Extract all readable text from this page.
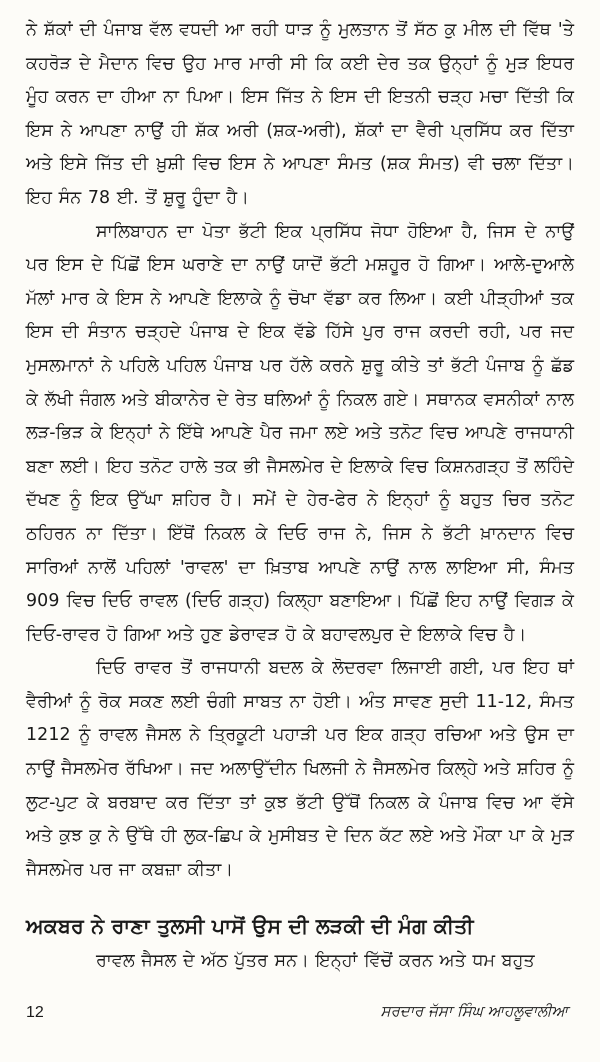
ਨੇ ਸ਼ੱਕਾਂ ਦੀ ਪੰਜਾਬ ਵੱਲ ਵਧਦੀ ਆ ਰਹੀ ਧਾੜ ਨੂੰ ਮੁਲਤਾਨ ਤੋਂ ਸੱਠ ਕੁ ਮੀਲ ਦੀ ਵਿੱਥ 'ਤੇ ਕਹਰੋੜ ਦੇ ਮੈਦਾਨ ਵਿਚ ਉਹ ਮਾਰ ਮਾਰੀ ਸੀ ਕਿ ਕਈ ਦੇਰ ਤਕ ਉਨ੍ਹਾਂ ਨੂੰ ਮੁੜ ਇਧਰ ਮੂੰਹ ਕਰਨ ਦਾ ਹੀਆ ਨਾ ਪਿਆ। ਇਸ ਜਿੱਤ ਨੇ ਇਸ ਦੀ ਇਤਨੀ ਚੜ੍ਹ ਮਚਾ ਦਿੱਤੀ ਕਿ ਇਸ ਨੇ ਆਪਣਾ ਨਾਉਂ ਹੀ ਸ਼ੱਕ ਅਰੀ (ਸ਼ਕ-ਅਰੀ), ਸ਼ੱਕਾਂ ਦਾ ਵੈਰੀ ਪ੍ਰਸਿੱਧ ਕਰ ਦਿੱਤਾ ਅਤੇ ਇਸੇ ਜਿੱਤ ਦੀ ਖ਼ੁਸ਼ੀ ਵਿਚ ਇਸ ਨੇ ਆਪਣਾ ਸੰਮਤ (ਸ਼ਕ ਸੰਮਤ) ਵੀ ਚਲਾ ਦਿੱਤਾ। ਇਹ ਸੰਨ 78 ਈ. ਤੋਂ ਸ਼ੁਰੂ ਹੁੰਦਾ ਹੈ।

ਸਾਲਿਬਾਹਨ ਦਾ ਪੋਤਾ ਭੱਟੀ ਇਕ ਪ੍ਰਸਿੱਧ ਜੋਧਾ ਹੋਇਆ ਹੈ, ਜਿਸ ਦੇ ਨਾਉਂ ਪਰ ਇਸ ਦੇ ਪਿੱਛੋਂ ਇਸ ਘਰਾਣੇ ਦਾ ਨਾਉਂ ਯਾਦੋਂ ਭੱਟੀ ਮਸ਼ਹੂਰ ਹੋ ਗਿਆ। ਆਲੇ-ਦੁਆਲੇ ਮੱਲਾਂ ਮਾਰ ਕੇ ਇਸ ਨੇ ਆਪਣੇ ਇਲਾਕੇ ਨੂੰ ਚੋਖਾ ਵੱਡਾ ਕਰ ਲਿਆ। ਕਈ ਪੀੜ੍ਹੀਆਂ ਤਕ ਇਸ ਦੀ ਸੰਤਾਨ ਚੜ੍ਹਦੇ ਪੰਜਾਬ ਦੇ ਇਕ ਵੱਡੇ ਹਿੱਸੇ ਪੁਰ ਰਾਜ ਕਰਦੀ ਰਹੀ, ਪਰ ਜਦ ਮੁਸਲਮਾਨਾਂ ਨੇ ਪਹਿਲੇ ਪਹਿਲ ਪੰਜਾਬ ਪਰ ਹੱਲੇ ਕਰਨੇ ਸ਼ੁਰੂ ਕੀਤੇ ਤਾਂ ਭੱਟੀ ਪੰਜਾਬ ਨੂੰ ਛੱਡ ਕੇ ਲੱਖੀ ਜੰਗਲ ਅਤੇ ਬੀਕਾਨੇਰ ਦੇ ਰੇਤ ਥਲਿਆਂ ਨੂੰ ਨਿਕਲ ਗਏ। ਸਥਾਨਕ ਵਸਨੀਕਾਂ ਨਾਲ ਲੜ-ਭਿੜ ਕੇ ਇਨ੍ਹਾਂ ਨੇ ਇੱਥੇ ਆਪਣੇ ਪੈਰ ਜਮਾ ਲਏ ਅਤੇ ਤਨੋਟ ਵਿਚ ਆਪਣੇ ਰਾਜਧਾਨੀ ਬਣਾ ਲਈ। ਇਹ ਤਨੋਟ ਹਾਲੇ ਤਕ ਭੀ ਜੈਸਲਮੇਰ ਦੇ ਇਲਾਕੇ ਵਿਚ ਕਿਸ਼ਨਗੜ੍ਹ ਤੋਂ ਲਹਿੰਦੇ ਦੱਖਣ ਨੂੰ ਇਕ ਉੱਘਾ ਸ਼ਹਿਰ ਹੈ। ਸਮੇਂ ਦੇ ਹੇਰ-ਫੇਰ ਨੇ ਇਨ੍ਹਾਂ ਨੂੰ ਬਹੁਤ ਚਿਰ ਤਨੋਟ ਠਹਿਰਨ ਨਾ ਦਿੱਤਾ। ਇੱਥੋਂ ਨਿਕਲ ਕੇ ਦਿਓ ਰਾਜ ਨੇ, ਜਿਸ ਨੇ ਭੱਟੀ ਖ਼ਾਨਦਾਨ ਵਿਚ ਸਾਰਿਆਂ ਨਾਲੋਂ ਪਹਿਲਾਂ 'ਰਾਵਲ' ਦਾ ਖ਼ਿਤਾਬ ਆਪਣੇ ਨਾਉਂ ਨਾਲ ਲਾਇਆ ਸੀ, ਸੰਮਤ 909 ਵਿਚ ਦਿਓ ਰਾਵਲ (ਦਿਓ ਗੜ੍ਹ) ਕਿਲ੍ਹਾ ਬਣਾਇਆ। ਪਿੱਛੋਂ ਇਹ ਨਾਉਂ ਵਿਗੜ ਕੇ ਦਿਓ-ਰਾਵਰ ਹੋ ਗਿਆ ਅਤੇ ਹੁਣ ਡੇਰਾਵੜ ਹੋ ਕੇ ਬਹਾਵਲਪੁਰ ਦੇ ਇਲਾਕੇ ਵਿਚ ਹੈ।

ਦਿਓ ਰਾਵਰ ਤੋਂ ਰਾਜਧਾਨੀ ਬਦਲ ਕੇ ਲੋਦਰਵਾ ਲਿਜਾਈ ਗਈ, ਪਰ ਇਹ ਥਾਂ ਵੈਰੀਆਂ ਨੂੰ ਰੋਕ ਸਕਣ ਲਈ ਚੰਗੀ ਸਾਬਤ ਨਾ ਹੋਈ। ਅੰਤ ਸਾਵਣ ਸੁਦੀ 11-12, ਸੰਮਤ 1212 ਨੂੰ ਰਾਵਲ ਜੈਸਲ ਨੇ ਤ੍ਰਿਕੂਟੀ ਪਹਾੜੀ ਪਰ ਇਕ ਗੜ੍ਹ ਰਚਿਆ ਅਤੇ ਉਸ ਦਾ ਨਾਉਂ ਜੈਸਲਮੇਰ ਰੱਖਿਆ। ਜਦ ਅਲਾਉੱਦੀਨ ਖਿਲਜੀ ਨੇ ਜੈਸਲਮੇਰ ਕਿਲ੍ਹੇ ਅਤੇ ਸ਼ਹਿਰ ਨੂੰ ਲੁਟ-ਪੁਟ ਕੇ ਬਰਬਾਦ ਕਰ ਦਿੱਤਾ ਤਾਂ ਕੁਝ ਭੱਟੀ ਉੱਥੋਂ ਨਿਕਲ ਕੇ ਪੰਜਾਬ ਵਿਚ ਆ ਵੱਸੇ ਅਤੇ ਕੁਝ ਕੁ ਨੇ ਉੱਥੇ ਹੀ ਲੁਕ-ਛਿਪ ਕੇ ਮੁਸੀਬਤ ਦੇ ਦਿਨ ਕੱਟ ਲਏ ਅਤੇ ਮੌਕਾ ਪਾ ਕੇ ਮੁੜ ਜੈਸਲਮੇਰ ਪਰ ਜਾ ਕਬਜ਼ਾ ਕੀਤਾ।

ਅਕਬਰ ਨੇ ਰਾਣਾ ਤੁਲਸੀ ਪਾਸੋਂ ਉਸ ਦੀ ਲੜਕੀ ਦੀ ਮੰਗ ਕੀਤੀ

ਰਾਵਲ ਜੈਸਲ ਦੇ ਅੱਠ ਪੁੱਤਰ ਸਨ। ਇਨ੍ਹਾਂ ਵਿੱਚੋਂ ਕਰਨ ਅਤੇ ਧਮ ਬਹੁਤ

12	ਸਰਦਾਰ ਜੱਸਾ ਸਿੰਘ ਆਹਲੂਵਾਲੀਆ
